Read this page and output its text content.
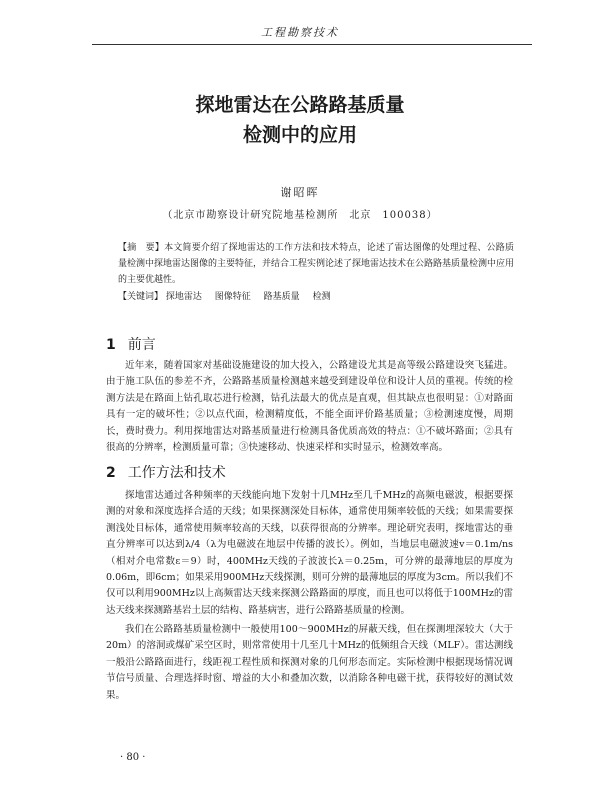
工程勘察技术
探地雷达在公路路基质量
检测中的应用
谢昭晖
（北京市勘察设计研究院地基检测所　北京　100038）
【摘　要】本文简要介绍了探地雷达的工作方法和技术特点，论述了雷达图像的处理过程、公路质量检测中探地雷达图像的主要特征，并结合工程实例论述了探地雷达技术在公路路基质量检测中应用的主要优越性。
【关键词】 探地雷达 图像特征 路基质量 检测
1 前言

近年来，随着国家对基础设施建设的加大投入，公路建设尤其是高等级公路建设突飞猛进。由于施工队伍的参差不齐，公路路基质量检测越来越受到建设单位和设计人员的重视。传统的检测方法是在路面上钻孔取芯进行检测，钻孔法最大的优点是直观，但其缺点也很明显：①对路面具有一定的破坏性；②以点代面，检测精度低，不能全面评价路基质量；③检测速度慢，周期长，费时费力。利用探地雷达对路基质量进行检测具备优质高效的特点：①不破坏路面；②具有很高的分辨率，检测质量可靠；③快速移动、快速采样和实时显示，检测效率高。

2 工作方法和技术

探地雷达通过各种频率的天线能向地下发射十几MHz至几千MHz的高频电磁波，根据要探测的对象和深度选择合适的天线；如果探测深处目标体，通常使用频率较低的天线；如果需要探测浅处目标体，通常使用频率较高的天线，以获得很高的分辨率。理论研究表明，探地雷达的垂直分辨率可以达到λ/4（λ为电磁波在地层中传播的波长）。例如，当地层电磁波速v＝0.1m/ns（相对介电常数ε＝9）时，400MHz天线的子波波长λ＝0.25m，可分辨的最薄地层的厚度为0.06m，即6cm；如果采用900MHz天线探测，则可分辨的最薄地层的厚度为3cm。所以我们不仅可以利用900MHz以上高频雷达天线来探测公路路面的厚度，而且也可以将低于100MHz的雷达天线来探测路基岩土层的结构、路基病害，进行公路路基质量的检测。

我们在公路路基质量检测中一般使用100～900MHz的屏蔽天线，但在探测埋深较大（大于20m）的溶洞或煤矿采空区时，则常常使用十几至几十MHz的低频组合天线（MLF）。雷达测线一般沿公路路面进行，线距视工程性质和探测对象的几何形态而定。实际检测中根据现场情况调节信号质量、合理选择时窗、增益的大小和叠加次数，以消除各种电磁干扰，获得较好的测试效果。

· 80 ·
